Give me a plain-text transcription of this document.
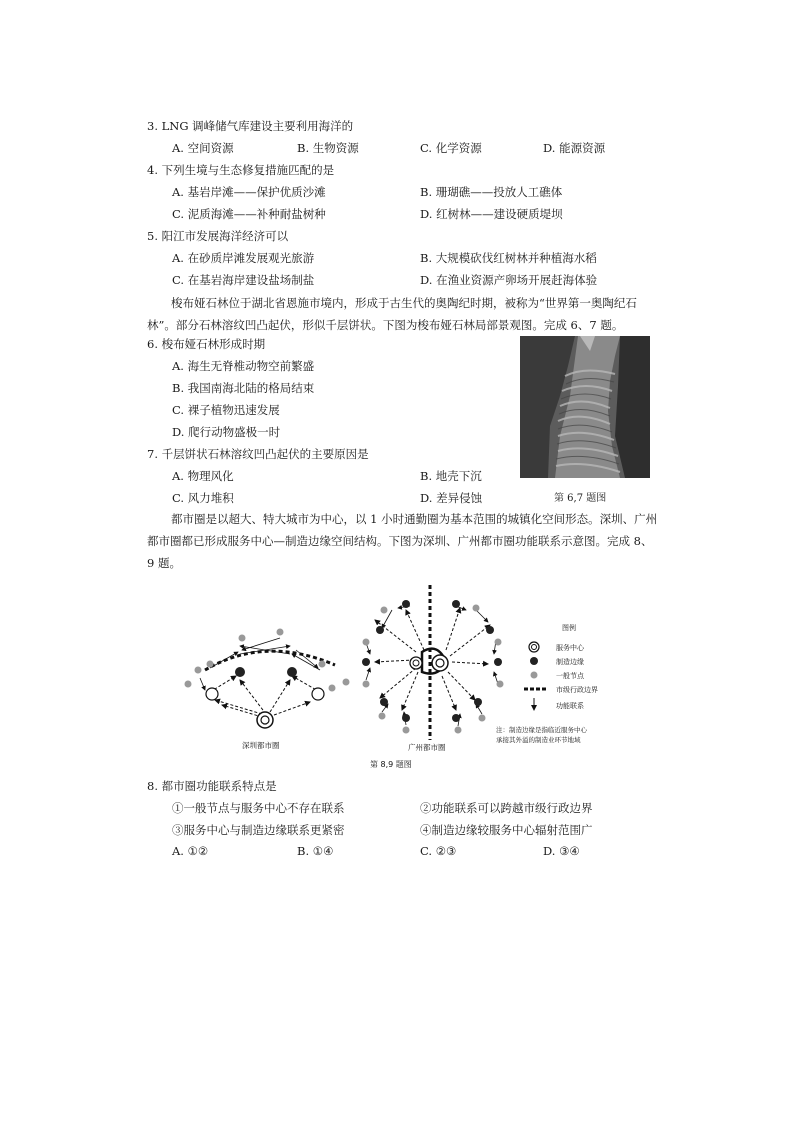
3. LNG 调峰储气库建设主要利用海洋的
A. 空间资源	B. 生物资源	C. 化学资源	D. 能源资源
4. 下列生境与生态修复措施匹配的是
A. 基岩岸滩——保护优质沙滩	B. 珊瑚礁——投放人工礁体
C. 泥质海滩——补种耐盐树种	D. 红树林——建设硬质堤坝
5. 阳江市发展海洋经济可以
A. 在砂质岸滩发展观光旅游	B. 大规模砍伐红树林并种植海水稻
C. 在基岩海岸建设盐场制盐	D. 在渔业资源产卵场开展赶海体验
梭布娅石林位于湖北省恩施市境内，形成于古生代的奥陶纪时期，被称为“世界第一奥陶纪石林”。部分石林溶纹凹凸起伏，形似千层饼状。下图为梭布娅石林局部景观图。完成 6、7 题。
6. 梭布娅石林形成时期
A. 海生无脊椎动物空前繁盛
B. 我国南海北陆的格局结束
C. 裸子植物迅速发展
D. 爬行动物盛极一时
7. 千层饼状石林溶纹凹凸起伏的主要原因是
A. 物理风化	B. 地壳下沉
C. 风力堆积	D. 差异侵蚀	第 6,7 题图
都市圈是以超大、特大城市为中心，以 1 小时通勤圈为基本范围的城镇化空间形态。深圳、广州都市圈都已形成服务中心—制造边缘空间结构。下图为深圳、广州都市圈功能联系示意图。完成 8、9 题。
深圳都市圈	广州都市圈
第 8,9 题图
图例
服务中心
制造边缘
一般节点
市级行政边界
功能联系
注：制造边缘是指临近服务中心
承接其外溢的制造业环节地域
8. 都市圈功能联系特点是
①一般节点与服务中心不存在联系	②功能联系可以跨越市级行政边界
③服务中心与制造边缘联系更紧密	④制造边缘较服务中心辐射范围广
A. ①②	B. ①④	C. ②③	D. ③④
